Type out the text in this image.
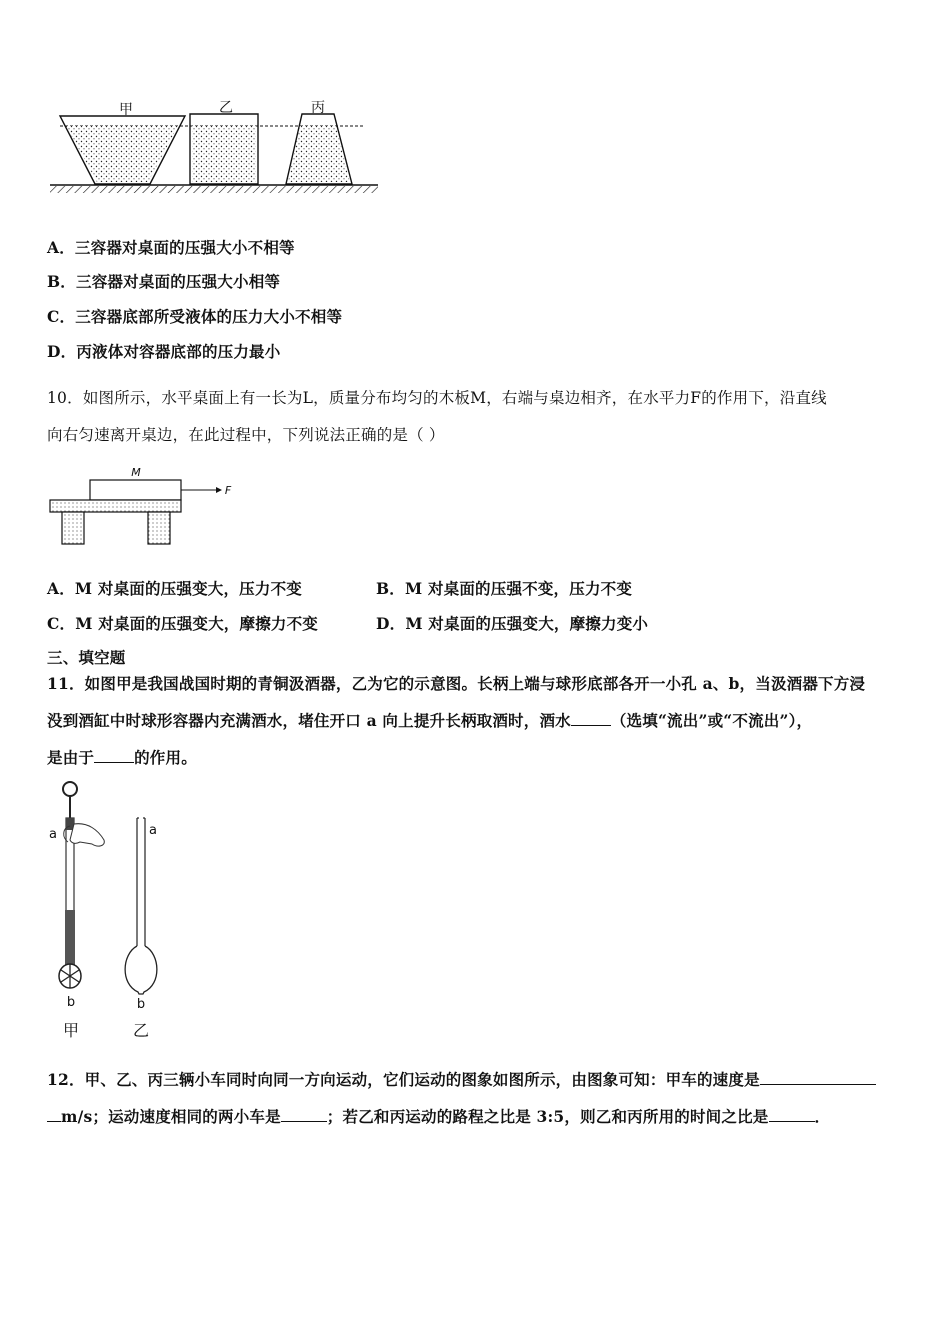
甲	乙	丙
A．三容器对桌面的压强大小不相等
B．三容器对桌面的压强大小相等
C．三容器底部所受液体的压力大小不相等
D．丙液体对容器底部的压力最小
10．如图所示，水平桌面上有一长为L，质量分布均匀的木板M，右端与桌边相齐，在水平力F的作用下，沿直线
向右匀速离开桌边，在此过程中，下列说法正确的是（ ）
M
F
A．M 对桌面的压强变大，压力不变	B．M 对桌面的压强不变，压力不变
C．M 对桌面的压强变大，摩擦力不变	D．M 对桌面的压强变大，摩擦力变小
三、填空题
11．如图甲是我国战国时期的青铜汲酒器，乙为它的示意图。长柄上端与球形底部各开一小孔 a、b，当汲酒器下方浸
没到酒缸中时球形容器内充满酒水，堵住开口 a 向上提升长柄取酒时，酒水	（选填“流出”或“不流出”），
是由于	的作用。
a
b
甲
a
b
乙
12．甲、乙、丙三辆小车同时向同一方向运动，它们运动的图象如图所示，由图象可知：甲车的速度是
m/s；运动速度相同的两小车是	；若乙和丙运动的路程之比是 3:5，则乙和丙所用的时间之比是	．
